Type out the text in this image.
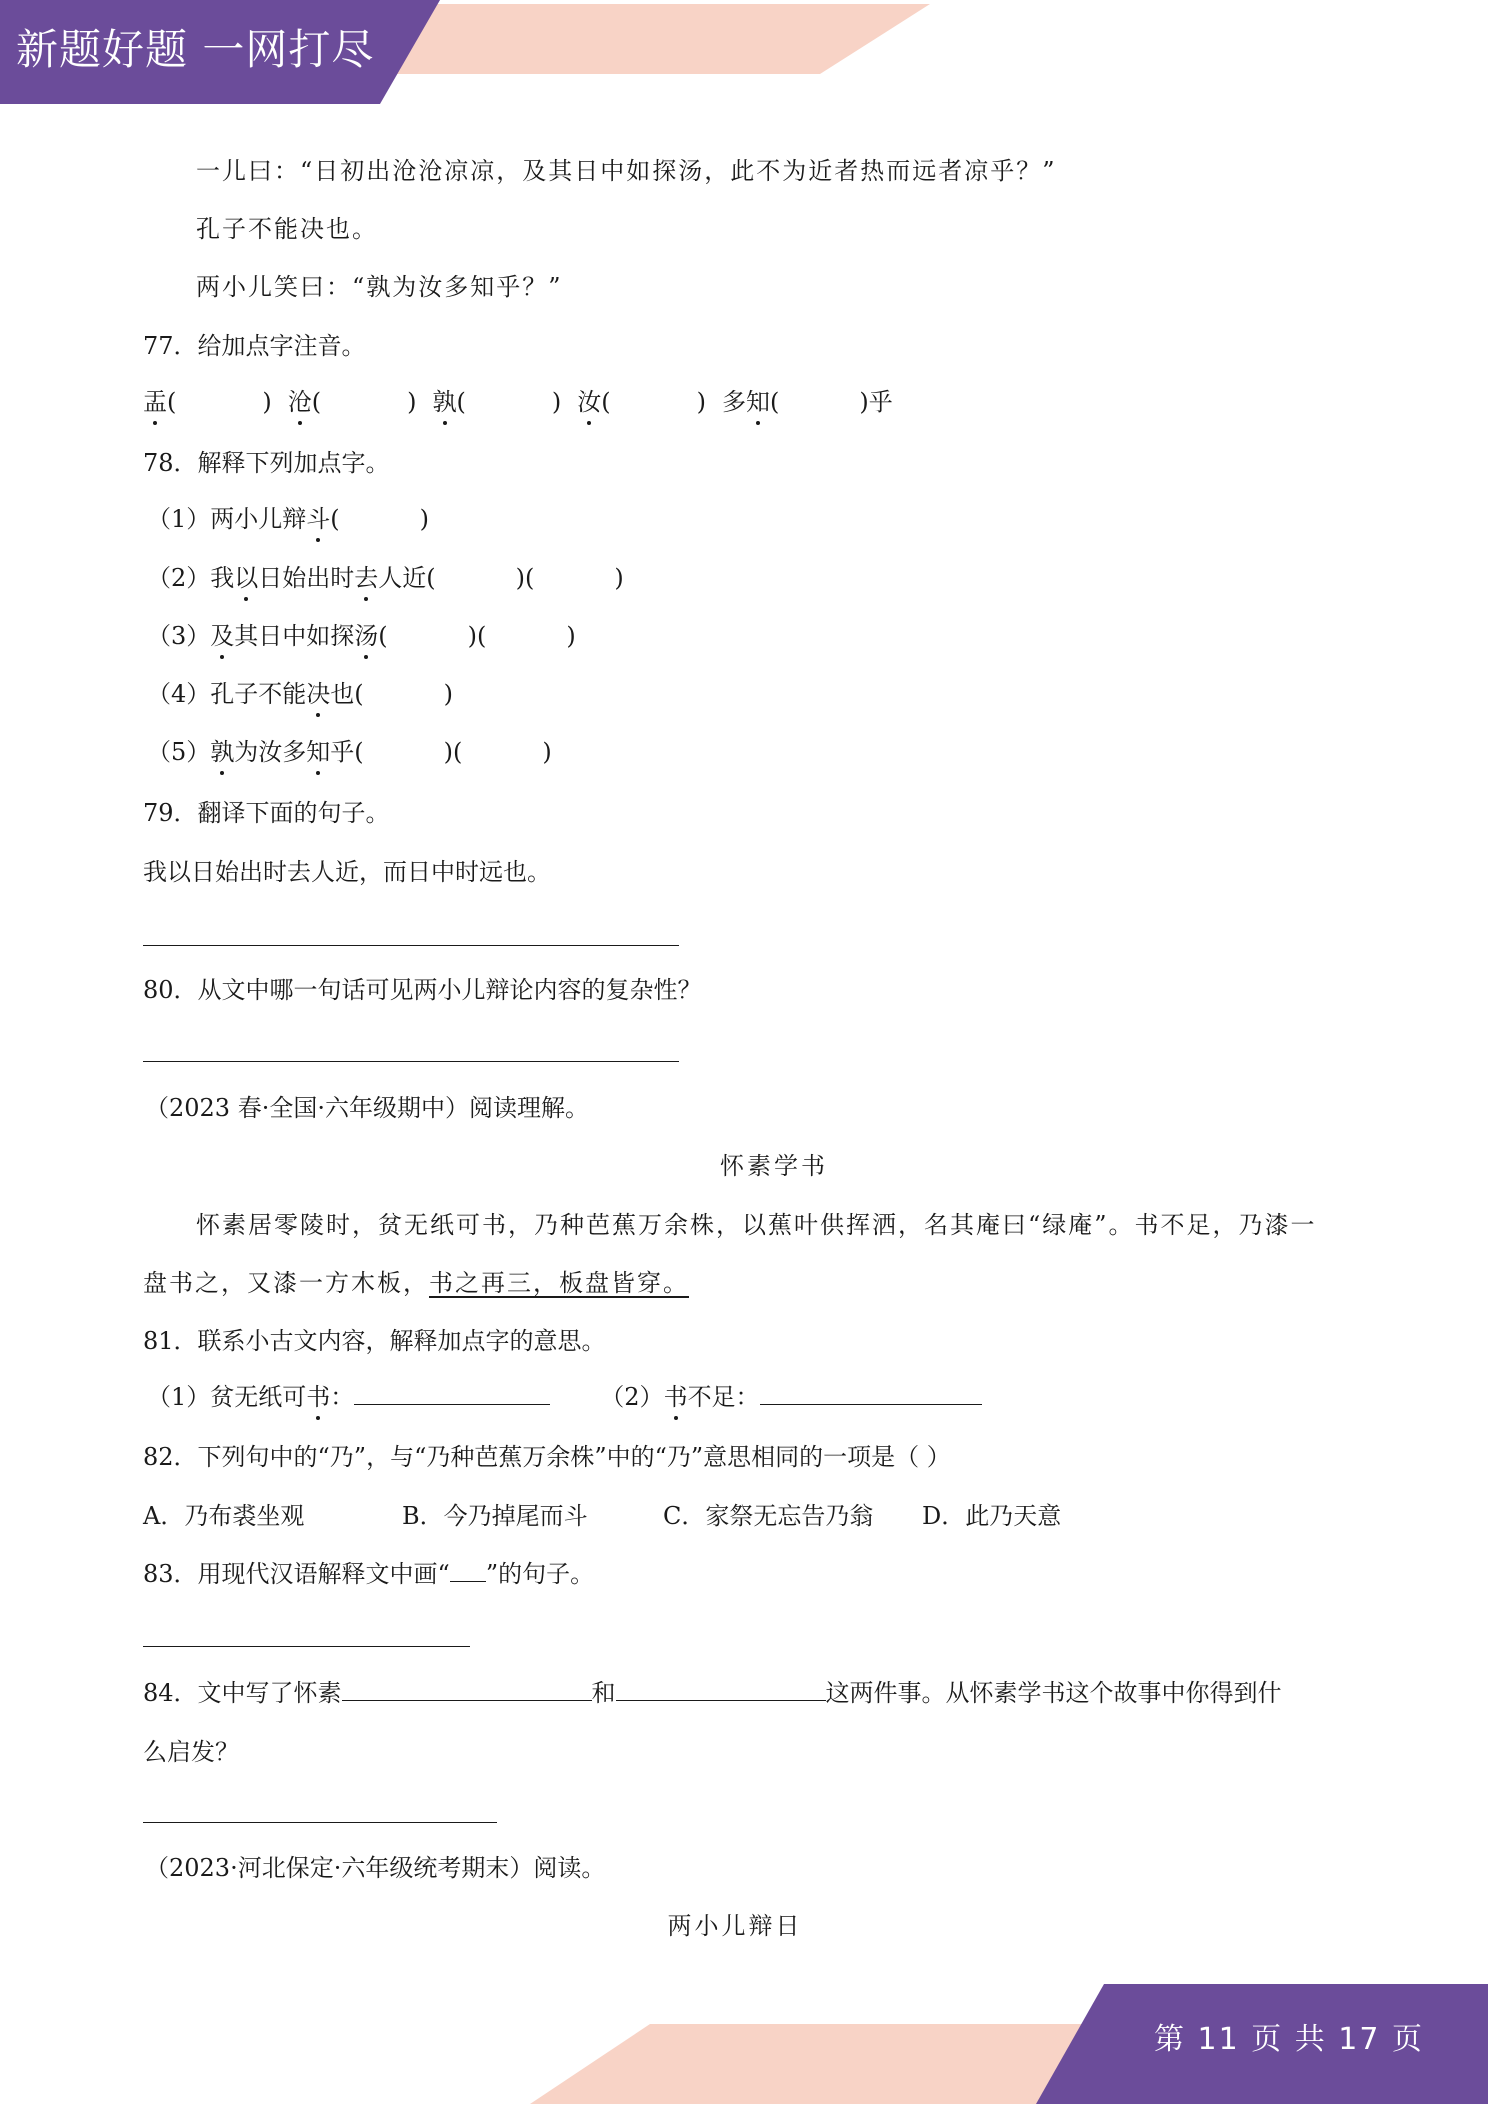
新题好题 一网打尽
一儿曰：“日初出沧沧凉凉，及其日中如探汤，此不为近者热而远者凉乎？”
孔子不能决也。
两小儿笑曰：“孰为汝多知乎？”
77．给加点字注音。
盂(	) 沧(	) 孰(	) 汝(	) 多知(	)乎
78．解释下列加点字。
（1）两小儿辩斗(	)
（2）我以日始出时去人近(	)(	)
（3）及其日中如探汤(	)(	)
（4）孔子不能决也(	)
（5）孰为汝多知乎(	)(	)
79．翻译下面的句子。
我以日始出时去人近，而日中时远也。
80．从文中哪一句话可见两小儿辩论内容的复杂性？
（2023 春·全国·六年级期中）阅读理解。
怀素学书
怀素居零陵时，贫无纸可书，乃种芭蕉万余株，以蕉叶供挥洒，名其庵曰“绿庵”。书不足，乃漆一
盘书之，又漆一方木板，书之再三，板盘皆穿。
81．联系小古文内容，解释加点字的意思。
（1）贫无纸可书：	（2）书不足：
82．下列句中的“乃”，与“乃种芭蕉万余株”中的“乃”意思相同的一项是（ ）
A．乃布裘坐观	B．今乃掉尾而斗	C．家祭无忘告乃翁 D．此乃天意
83．用现代汉语解释文中画“ ”的句子。
84．文中写了怀素	和	这两件事。从怀素学书这个故事中你得到什
么启发？
（2023·河北保定·六年级统考期末）阅读。
两小儿辩日
第 11 页 共 17 页
